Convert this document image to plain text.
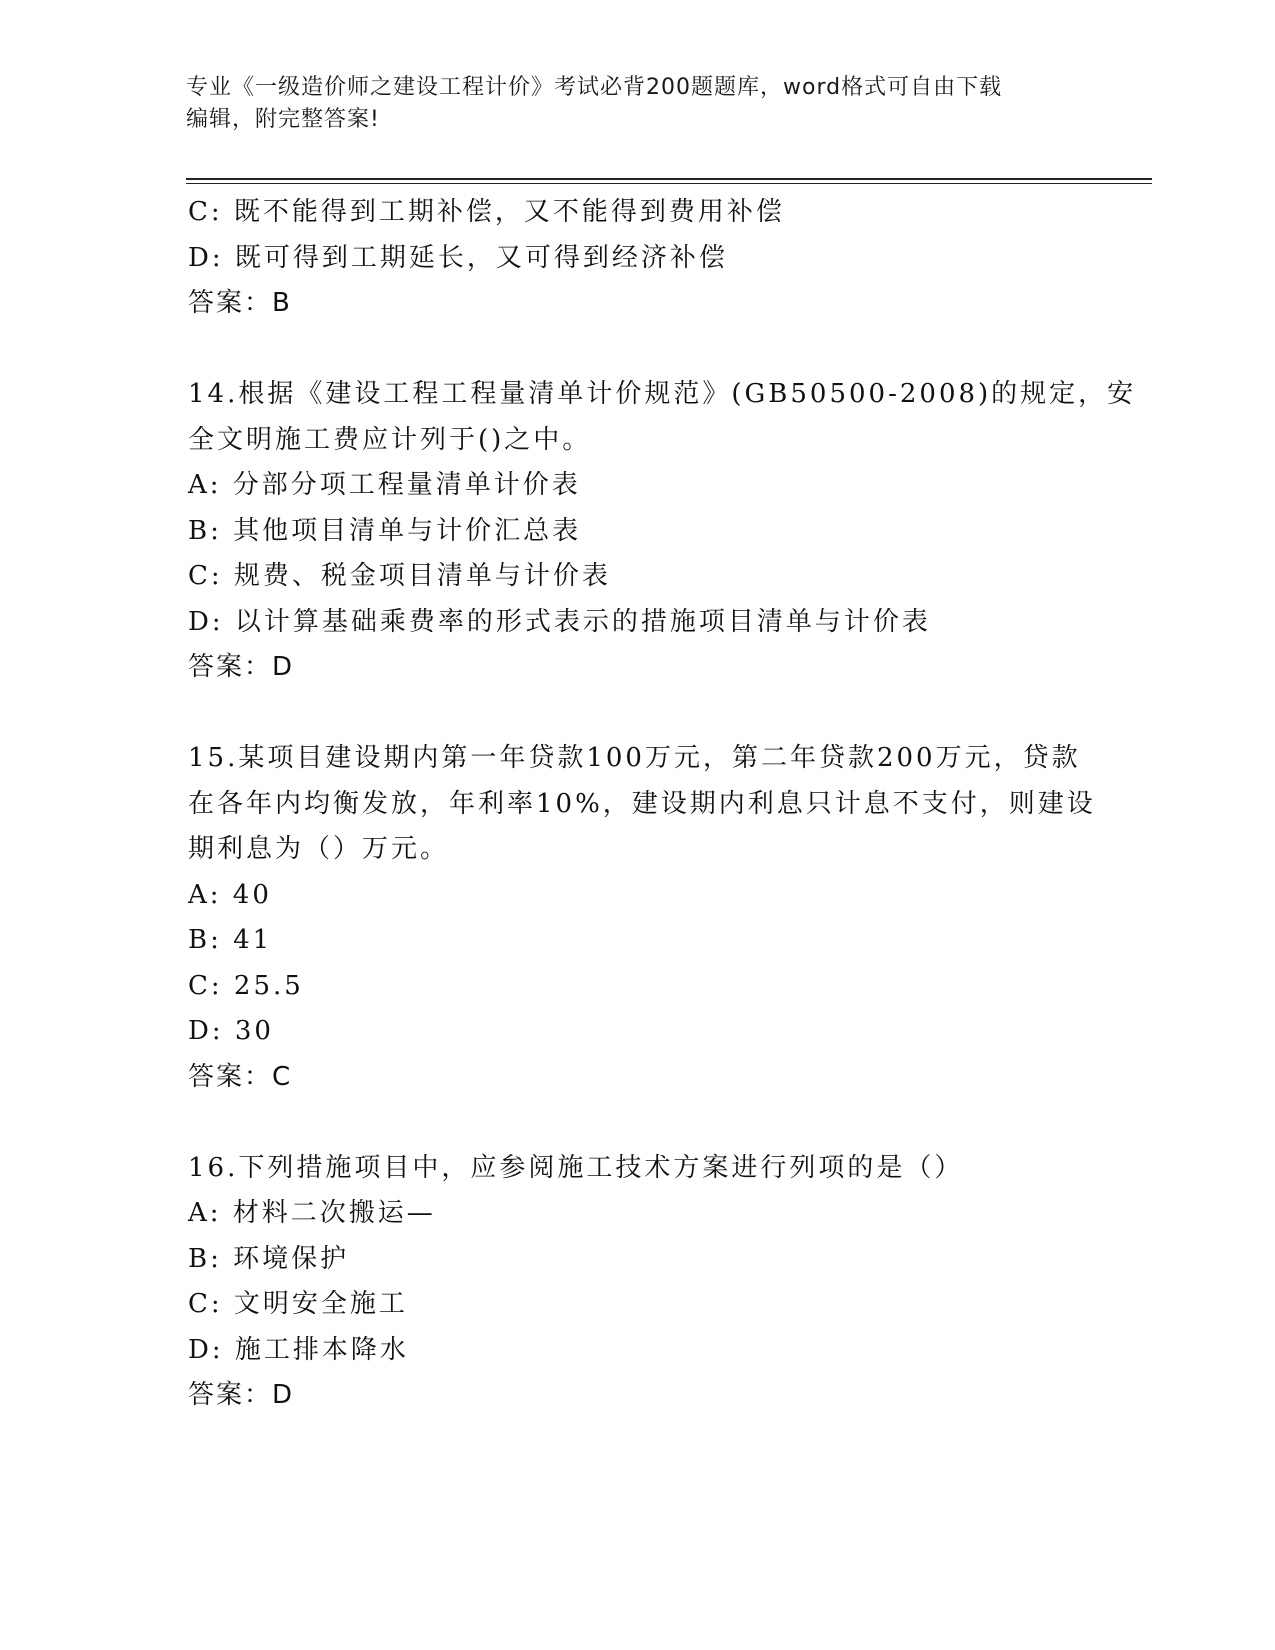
专业《一级造价师之建设工程计价》考试必背200题题库，word格式可自由下载
编辑，附完整答案!
C: 既不能得到工期补偿，又不能得到费用补偿
D: 既可得到工期延长，又可得到经济补偿
答案：B
14.根据《建设工程工程量清单计价规范》(GB50500-2008)的规定，安
全文明施工费应计列于()之中。
A: 分部分项工程量清单计价表
B: 其他项目清单与计价汇总表
C: 规费、税金项目清单与计价表
D: 以计算基础乘费率的形式表示的措施项目清单与计价表
答案：D
15.某项目建设期内第一年贷款100万元，第二年贷款200万元，贷款
在各年内均衡发放，年利率10%，建设期内利息只计息不支付，则建设
期利息为（）万元。
A: 40
B: 41
C: 25.5
D: 30
答案：C
16.下列措施项目中，应参阅施工技术方案进行列项的是（）
A: 材料二次搬运—
B: 环境保护
C: 文明安全施工
D: 施工排本降水
答案：D
